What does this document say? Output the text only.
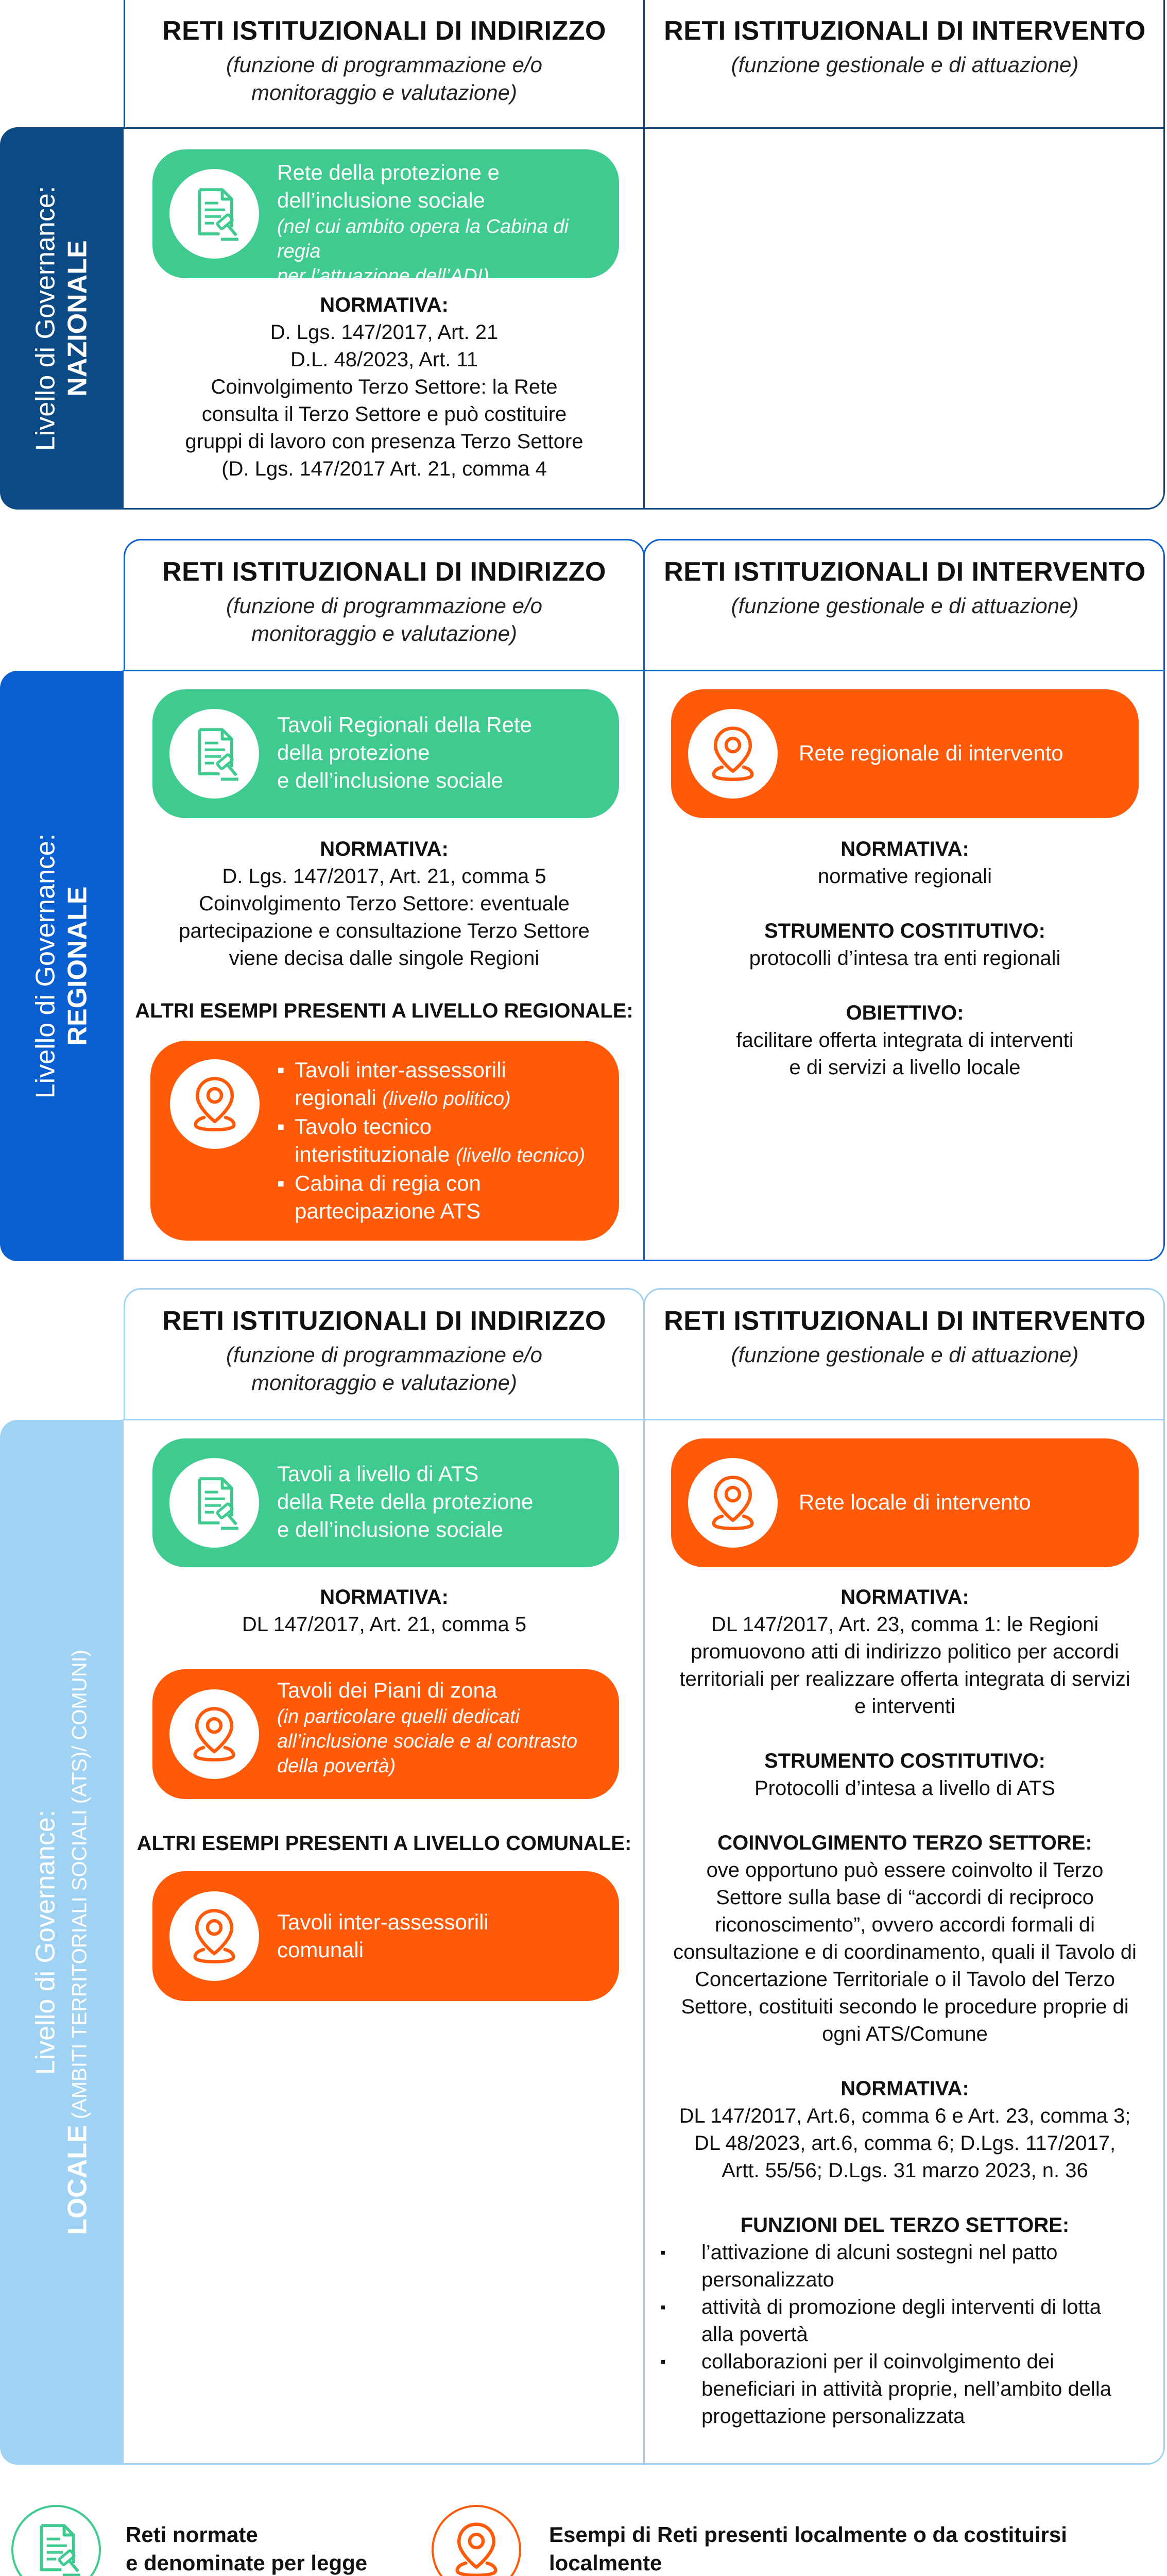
RETI ISTITUZIONALI DI INDIRIZZO
(funzione di programmazione e/o
monitoraggio e valutazione)
RETI ISTITUZIONALI DI INTERVENTO
(funzione gestionale e di attuazione)
Livello di Governance:
NAZIONALE
Rete della protezione e
dell’inclusione sociale
(nel cui ambito opera la Cabina di regia
per l’attuazione dell’ADI)
NORMATIVA:
D. Lgs. 147/2017, Art. 21
D.L. 48/2023, Art. 11
Coinvolgimento Terzo Settore: la Rete
consulta il Terzo Settore e può costituire
gruppi di lavoro con presenza Terzo Settore
(D. Lgs. 147/2017 Art. 21, comma 4
RETI ISTITUZIONALI DI INDIRIZZO
(funzione di programmazione e/o
monitoraggio e valutazione)
RETI ISTITUZIONALI DI INTERVENTO
(funzione gestionale e di attuazione)
Livello di Governance:
REGIONALE
Tavoli Regionali della Rete
della protezione
e dell’inclusione sociale
NORMATIVA:
D. Lgs. 147/2017, Art. 21, comma 5
Coinvolgimento Terzo Settore: eventuale
partecipazione e consultazione Terzo Settore
viene decisa dalle singole Regioni
ALTRI ESEMPI PRESENTI A LIVELLO REGIONALE:
▪ Tavoli inter-assessorili
regionali (livello politico)
▪ Tavolo tecnico
interistituzionale (livello tecnico)
▪ Cabina di regia con
partecipazione ATS
Rete regionale di intervento
NORMATIVA:
normative regionali
STRUMENTO COSTITUTIVO:
protocolli d’intesa tra enti regionali
OBIETTIVO:
facilitare offerta integrata di interventi
e di servizi a livello locale
RETI ISTITUZIONALI DI INDIRIZZO
(funzione di programmazione e/o
monitoraggio e valutazione)
RETI ISTITUZIONALI DI INTERVENTO
(funzione gestionale e di attuazione)
Livello di Governance:
LOCALE (AMBITI TERRITORIALI SOCIALI (ATS)/ COMUNI)
Tavoli a livello di ATS
della Rete della protezione
e dell’inclusione sociale
NORMATIVA:
DL 147/2017, Art. 21, comma 5
Tavoli dei Piani di zona
(in particolare quelli dedicati
all’inclusione sociale e al contrasto
della povertà)
ALTRI ESEMPI PRESENTI A LIVELLO COMUNALE:
Tavoli inter-assessorili
comunali
Rete locale di intervento
NORMATIVA:
DL 147/2017, Art. 23, comma 1: le Regioni
promuovono atti di indirizzo politico per accordi
territoriali per realizzare offerta integrata di servizi
e interventi
STRUMENTO COSTITUTIVO:
Protocolli d’intesa a livello di ATS
COINVOLGIMENTO TERZO SETTORE:
ove opportuno può essere coinvolto il Terzo
Settore sulla base di “accordi di reciproco
riconoscimento”, ovvero accordi formali di
consultazione e di coordinamento, quali il Tavolo di
Concertazione Territoriale o il Tavolo del Terzo
Settore, costituiti secondo le procedure proprie di
ogni ATS/Comune
NORMATIVA:
DL 147/2017, Art.6, comma 6 e Art. 23, comma 3;
DL 48/2023, art.6, comma 6; D.Lgs. 117/2017,
Artt. 55/56; D.Lgs. 31 marzo 2023, n. 36
FUNZIONI DEL TERZO SETTORE:
▪ l’attivazione di alcuni sostegni nel patto
personalizzato
▪ attività di promozione degli interventi di lotta
alla povertà
▪ collaborazioni per il coinvolgimento dei
beneficiari in attività proprie, nell’ambito della
progettazione personalizzata
Reti normate
e denominate per legge
Esempi di Reti presenti localmente o da costituirsi localmente
